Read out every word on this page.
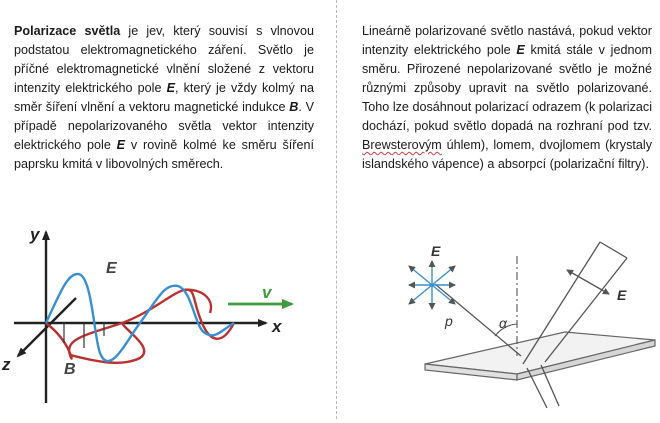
Polarizace světla je jev, který souvisí s vlnovou podstatou elektromagnetického záření. Světlo je příčné elektromagnetické vlnění složené z vektoru intenzity elektrického pole E, který je vždy kolmý na směr šíření vlnění a vektoru magnetické indukce B. V případě nepolarizovaného světla vektor intenzity elektrického pole E v rovině kolmé ke směru šíření paprsku kmitá v libovolných směrech.
Lineárně polarizované světlo nastává, pokud vektor intenzity elektrického pole E kmitá stále v jednom směru. Přirozené nepolarizované světlo je možné různými způsoby upravit na světlo polarizované. Toho lze dosáhnout polarizací odrazem (k polarizaci dochází, pokud světlo dopadá na rozhraní pod tzv. Brewsterovým úhlem), lomem, dvojlomem (krystaly islandského vápence) a absorpcí (polarizační filtry).
y
x
z
E
B
v
E
p	α
E
